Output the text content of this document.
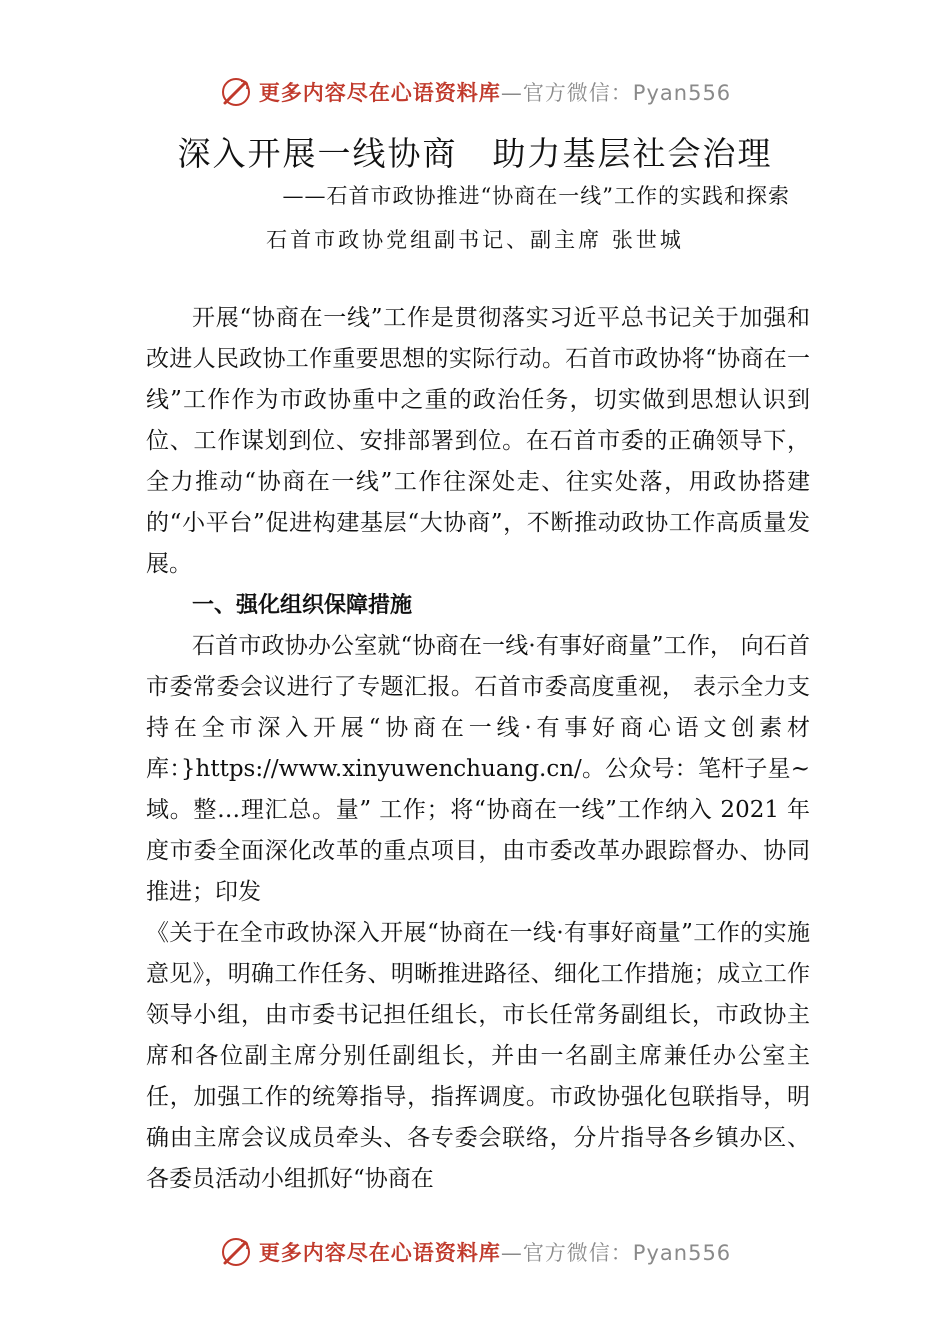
更多内容尽在心语资料库 —官方微信：Pyan556
深入开展一线协商　助力基层社会治理
——石首市政协推进“协商在一线”工作的实践和探索
石首市政协党组副书记、副主席 张世城

开展“协商在一线”工作是贯彻落实习近平总书记关于加强和改进人民政协工作重要思想的实际行动。石首市政协将“协商在一线”工作作为市政协重中之重的政治任务，切实做到思想认识到位、工作谋划到位、安排部署到位。在石首市委的正确领导下，全力推动“协商在一线”工作往深处走、往实处落，用政协搭建的“小平台”促进构建基层“大协商”，不断推动政协工作高质量发展。

一、强化组织保障措施

石首市政协办公室就“协商在一线·有事好商量”工作， 向石首市委常委会议进行了专题汇报。石首市委高度重视， 表示全力支持在全市深入开展“协商在一线·有事好商心语文创素材库：}https://www.xinyuwenchuang.cn/。公众号：笔杆子星~域。整…理汇总。量” 工作；将“协商在一线”工作纳入 2021 年度市委全面深化改革的重点项目，由市委改革办跟踪督办、协同推进；印发

《关于在全市政协深入开展“协商在一线·有事好商量”工作的实施意见》，明确工作任务、明晰推进路径、细化工作措施；成立工作领导小组，由市委书记担任组长，市长任常务副组长，市政协主席和各位副主席分别任副组长，并由一名副主席兼任办公室主任，加强工作的统筹指导，指挥调度。市政协强化包联指导，明确由主席会议成员牵头、各专委会联络，分片指导各乡镇办区、各委员活动小组抓好“协商在

更多内容尽在心语资料库 —官方微信：Pyan556
